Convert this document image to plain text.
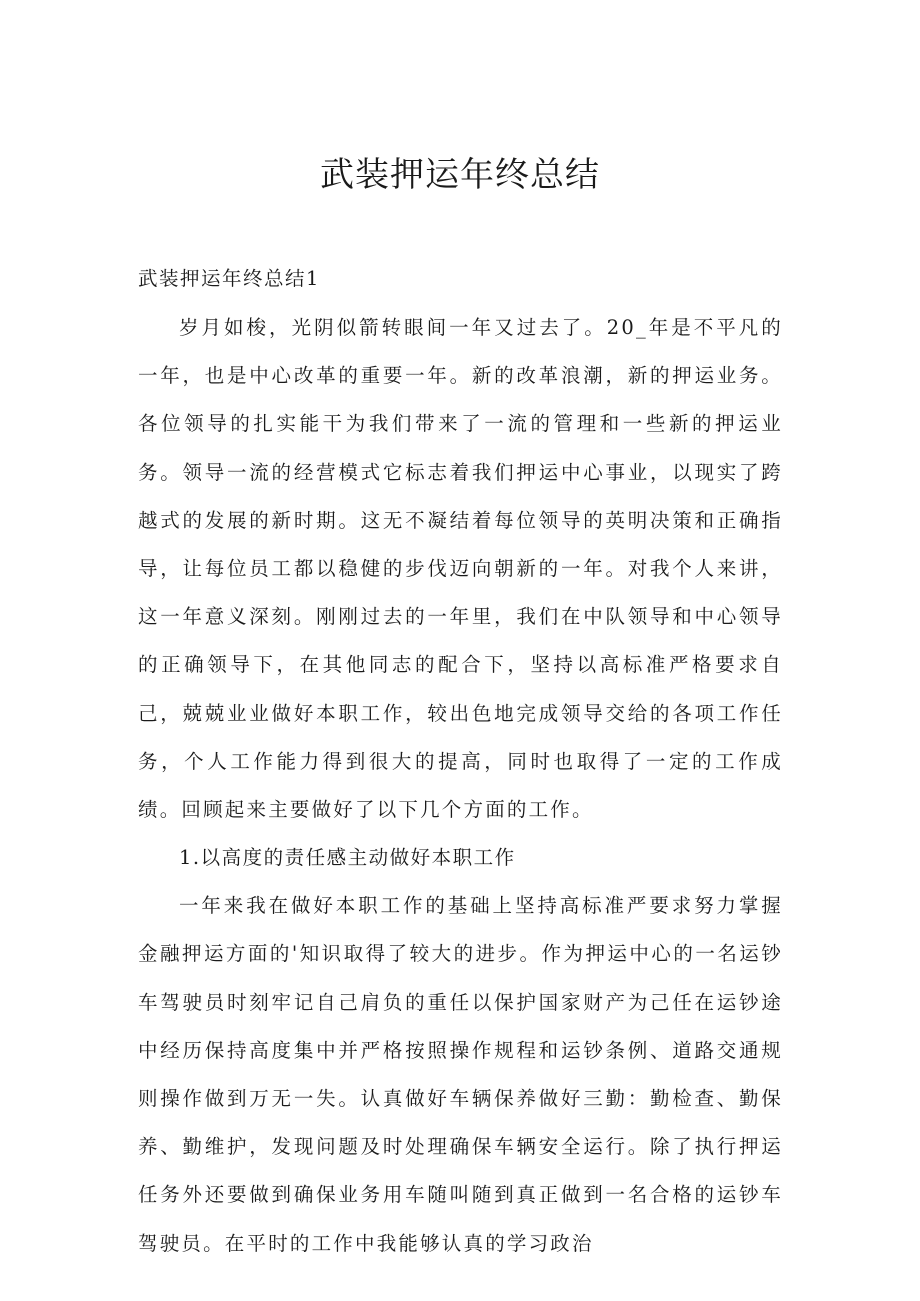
武装押运年终总结

武装押运年终总结1

岁月如梭，光阴似箭转眼间一年又过去了。20_年是不平凡的一年，也是中心改革的重要一年。新的改革浪潮，新的押运业务。各位领导的扎实能干为我们带来了一流的管理和一些新的押运业务。领导一流的经营模式它标志着我们押运中心事业，以现实了跨越式的发展的新时期。这无不凝结着每位领导的英明决策和正确指导，让每位员工都以稳健的步伐迈向朝新的一年。对我个人来讲，这一年意义深刻。刚刚过去的一年里，我们在中队领导和中心领导的正确领导下，在其他同志的配合下，坚持以高标准严格要求自己，兢兢业业做好本职工作，较出色地完成领导交给的各项工作任务，个人工作能力得到很大的提高，同时也取得了一定的工作成绩。回顾起来主要做好了以下几个方面的工作。

1.以高度的责任感主动做好本职工作

一年来我在做好本职工作的基础上坚持高标准严要求努力掌握金融押运方面的'知识取得了较大的进步。作为押运中心的一名运钞车驾驶员时刻牢记自己肩负的重任以保护国家财产为己任在运钞途中经历保持高度集中并严格按照操作规程和运钞条例、道路交通规则操作做到万无一失。认真做好车辆保养做好三勤：勤检查、勤保养、勤维护，发现问题及时处理确保车辆安全运行。除了执行押运任务外还要做到确保业务用车随叫随到真正做到一名合格的运钞车驾驶员。在平时的工作中我能够认真的学习政治
